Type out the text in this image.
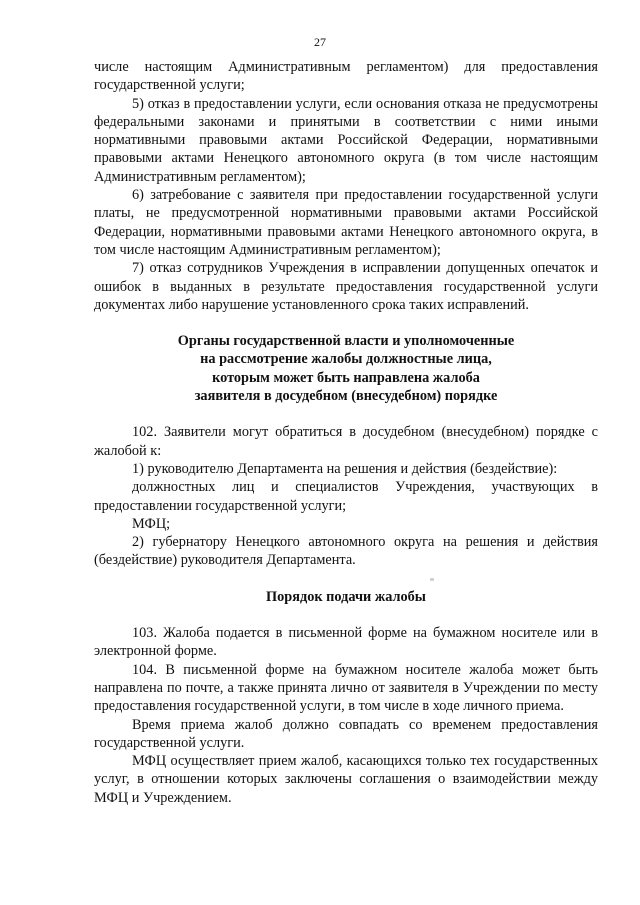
27

числе настоящим Административным регламентом) для предоставления государственной услуги;

5) отказ в предоставлении услуги, если основания отказа не предусмотрены федеральными законами и принятыми в соответствии с ними иными нормативными правовыми актами Российской Федерации, нормативными правовыми актами Ненецкого автономного округа (в том числе настоящим Административным регламентом);

6) затребование с заявителя при предоставлении государственной услуги платы, не предусмотренной нормативными правовыми актами Российской Федерации, нормативными правовыми актами Ненецкого автономного округа, в том числе настоящим Административным регламентом);

7) отказ сотрудников Учреждения в исправлении допущенных опечаток и ошибок в выданных в результате предоставления государственной услуги документах либо нарушение установленного срока таких исправлений.

Органы государственной власти и уполномоченные
на рассмотрение жалобы должностные лица,
которым может быть направлена жалоба
заявителя в досудебном (внесудебном) порядке

102. Заявители могут обратиться в досудебном (внесудебном) порядке с жалобой к:

1) руководителю Департамента на решения и действия (бездействие):

должностных лиц и специалистов Учреждения, участвующих в предоставлении государственной услуги;

МФЦ;

2) губернатору Ненецкого автономного округа на решения и действия (бездействие) руководителя Департамента.

Порядок подачи жалобы

103. Жалоба подается в письменной форме на бумажном носителе или в электронной форме.

104. В письменной форме на бумажном носителе жалоба может быть направлена по почте, а также принята лично от заявителя в Учреждении по месту предоставления государственной услуги, в том числе в ходе личного приема.

Время приема жалоб должно совпадать со временем предоставления государственной услуги.

МФЦ осуществляет прием жалоб, касающихся только тех государственных услуг, в отношении которых заключены соглашения о взаимодействии между МФЦ и Учреждением.
